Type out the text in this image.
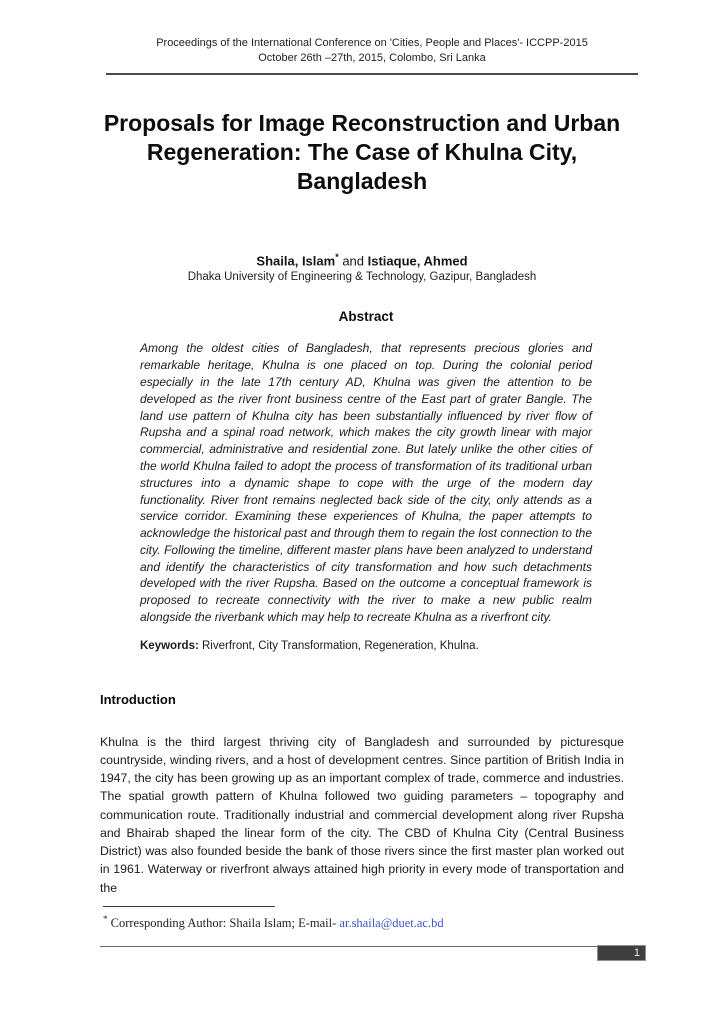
Proceedings of the International Conference on 'Cities, People and Places'- ICCPP-2015
October 26th –27th, 2015, Colombo, Sri Lanka
Proposals for Image Reconstruction and Urban
Regeneration: The Case of Khulna City,
Bangladesh
Shaila, Islam* and Istiaque, Ahmed
Dhaka University of Engineering & Technology, Gazipur, Bangladesh
Abstract

Among the oldest cities of Bangladesh, that represents precious glories and remarkable heritage, Khulna is one placed on top. During the colonial period especially in the late 17th century AD, Khulna was given the attention to be developed as the river front business centre of the East part of grater Bangle. The land use pattern of Khulna city has been substantially influenced by river flow of Rupsha and a spinal road network, which makes the city growth linear with major commercial, administrative and residential zone. But lately unlike the other cities of the world Khulna failed to adopt the process of transformation of its traditional urban structures into a dynamic shape to cope with the urge of the modern day functionality. River front remains neglected back side of the city, only attends as a service corridor. Examining these experiences of Khulna, the paper attempts to acknowledge the historical past and through them to regain the lost connection to the city. Following the timeline, different master plans have been analyzed to understand and identify the characteristics of city transformation and how such detachments developed with the river Rupsha. Based on the outcome a conceptual framework is proposed to recreate connectivity with the river to make a new public realm alongside the riverbank which may help to recreate Khulna as a riverfront city.

Keywords: Riverfront, City Transformation, Regeneration, Khulna.

Introduction

Khulna is the third largest thriving city of Bangladesh and surrounded by picturesque countryside, winding rivers, and a host of development centres. Since partition of British India in 1947, the city has been growing up as an important complex of trade, commerce and industries. The spatial growth pattern of Khulna followed two guiding parameters – topography and communication route. Traditionally industrial and commercial development along river Rupsha and Bhairab shaped the linear form of the city. The CBD of Khulna City (Central Business District) was also founded beside the bank of those rivers since the first master plan worked out in 1961. Waterway or riverfront always attained high priority in every mode of transportation and the

* Corresponding Author: Shaila Islam; E-mail- ar.shaila@duet.ac.bd
1
